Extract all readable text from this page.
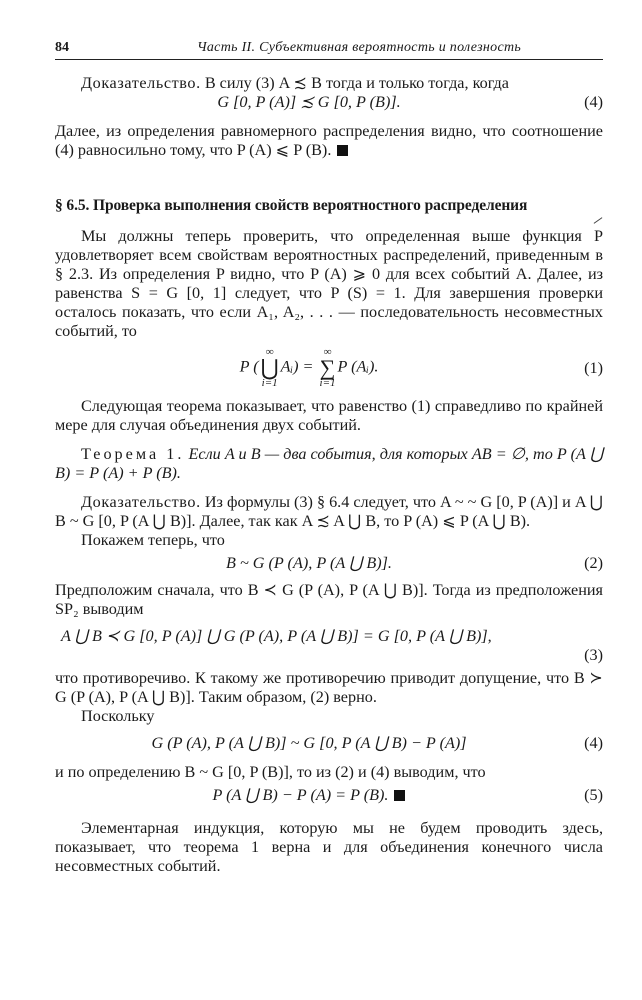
84	Часть II. Субъективная вероятность и полезность

Доказательство. В силу (3) A ≾ B тогда и только тогда, когда

G [0, P (A)] ≾ G [0, P (B)].	(4)

Далее, из определения равномерного распределения видно, что соотношение (4) равносильно тому, что P (A) ⩽ P (B).

§ 6.5. Проверка выполнения свойств вероятностного распределения

Мы должны теперь проверить, что определенная выше функция P удовлетворяет всем свойствам вероятностных распределений, приведенным в § 2.3. Из определения P видно, что P (A) ⩾ 0 для всех событий A. Далее, из равенства S = G [0, 1] следует, что P (S) = 1. Для завершения проверки осталось показать, что если A₁, A₂, . . . — последовательность несовместных событий, то

P (
∞
⋃
i=1
Aᵢ) =
∞
∑
i=1
P (Aᵢ).	(1)

Следующая теорема показывает, что равенство (1) справедливо по крайней мере для случая объединения двух событий.

Теорема 1. Если A и B — два события, для которых AB = ∅, то P (A ⋃ B) = P (A) + P (B).

Доказательство. Из формулы (3) § 6.4 следует, что A ~ ~ G [0, P (A)] и A ⋃ B ~ G [0, P (A ⋃ B)]. Далее, так как A ≾ A ⋃ B, то P (A) ⩽ P (A ⋃ B).

Покажем теперь, что

B ~ G (P (A), P (A ⋃ B)].	(2)

Предположим сначала, что B ≺ G (P (A), P (A ⋃ B)]. Тогда из предположения SP₂ выводим

A ⋃ B ≺ G [0, P (A)] ⋃ G (P (A), P (A ⋃ B)] = G [0, P (A ⋃ B)],
(3)

что противоречиво. К такому же противоречию приводит допущение, что B ≻ G (P (A), P (A ⋃ B)]. Таким образом, (2) верно.

Поскольку

G (P (A), P (A ⋃ B)] ~ G [0, P (A ⋃ B) − P (A)]	(4)

и по определению B ~ G [0, P (B)], то из (2) и (4) выводим, что

P (A ⋃ B) − P (A) = P (B).	(5)

Элементарная индукция, которую мы не будем проводить здесь, показывает, что теорема 1 верна и для объединения конечного числа несовместных событий.
